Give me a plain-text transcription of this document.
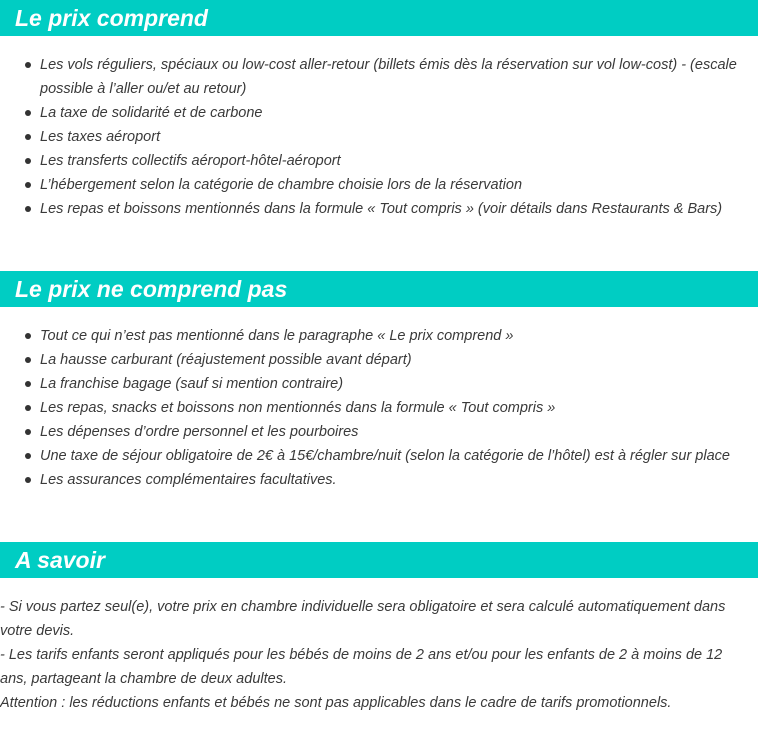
Le prix comprend
Les vols réguliers, spéciaux ou low-cost aller-retour (billets émis dès la réservation sur vol low-cost) - (escale possible à l’aller ou/et au retour)
La taxe de solidarité et de carbone
Les taxes aéroport
Les transferts collectifs aéroport-hôtel-aéroport
L’hébergement selon la catégorie de chambre choisie lors de la réservation
Les repas et boissons mentionnés dans la formule « Tout compris » (voir détails dans Restaurants & Bars)
Le prix ne comprend pas
Tout ce qui n’est pas mentionné dans le paragraphe « Le prix comprend »
La hausse carburant (réajustement possible avant départ)
La franchise bagage (sauf si mention contraire)
Les repas, snacks et boissons non mentionnés dans la formule « Tout compris »
Les dépenses d’ordre personnel et les pourboires
Une taxe de séjour obligatoire de 2€ à 15€/chambre/nuit (selon la catégorie de l’hôtel) est à régler sur place
Les assurances complémentaires facultatives.
A savoir

- Si vous partez seul(e), votre prix en chambre individuelle sera obligatoire et sera calculé automatiquement dans votre devis.

- Les tarifs enfants seront appliqués pour les bébés de moins de 2 ans et/ou pour les enfants de 2 à moins de 12 ans, partageant la chambre de deux adultes.

Attention : les réductions enfants et bébés ne sont pas applicables dans le cadre de tarifs promotionnels.
